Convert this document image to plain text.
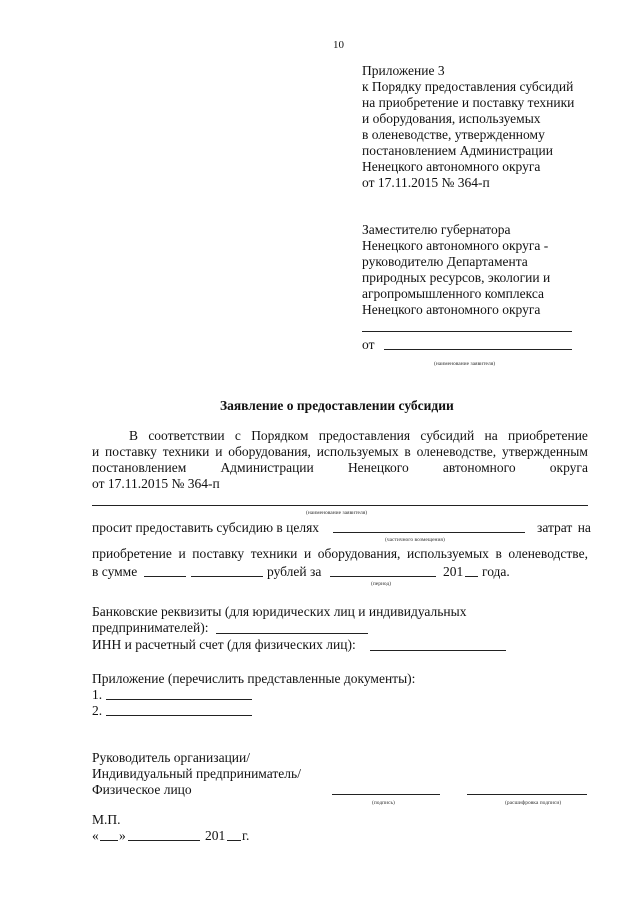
10
Приложение 3
к Порядку предоставления субсидий
на приобретение и поставку техники
и оборудования, используемых
в оленеводстве, утвержденному
постановлением Администрации
Ненецкого автономного округа
от 17.11.2015 № 364-п
Заместителю губернатора
Ненецкого автономного округа -
руководителю Департамента
природных ресурсов, экологии и
агропромышленного комплекса
Ненецкого автономного округа
от
(наименование заявителя)
Заявление о предоставлении субсидии
В соответствии с Порядком предоставления субсидий на приобретение
и поставку техники и оборудования, используемых в оленеводстве, утвержденным
постановлением	Администрации	Ненецкого	автономного	округа
от 17.11.2015 № 364-п
(наименование заявителя)
просит предоставить субсидию в целях	затрат на
(частичного возмещения)
приобретение и поставку техники и оборудования, используемых в оленеводстве,
в сумме	рублей за	201 года.
(период)
Банковские реквизиты (для юридических лиц и индивидуальных
предпринимателей):
ИНН и расчетный счет (для физических лиц):
Приложение (перечислить представленные документы):
1.
2.
Руководитель организации/
Индивидуальный предприниматель/
Физическое лицо
(подпись)	(расшифровка подписи)
М.П.
« »	201 г.
